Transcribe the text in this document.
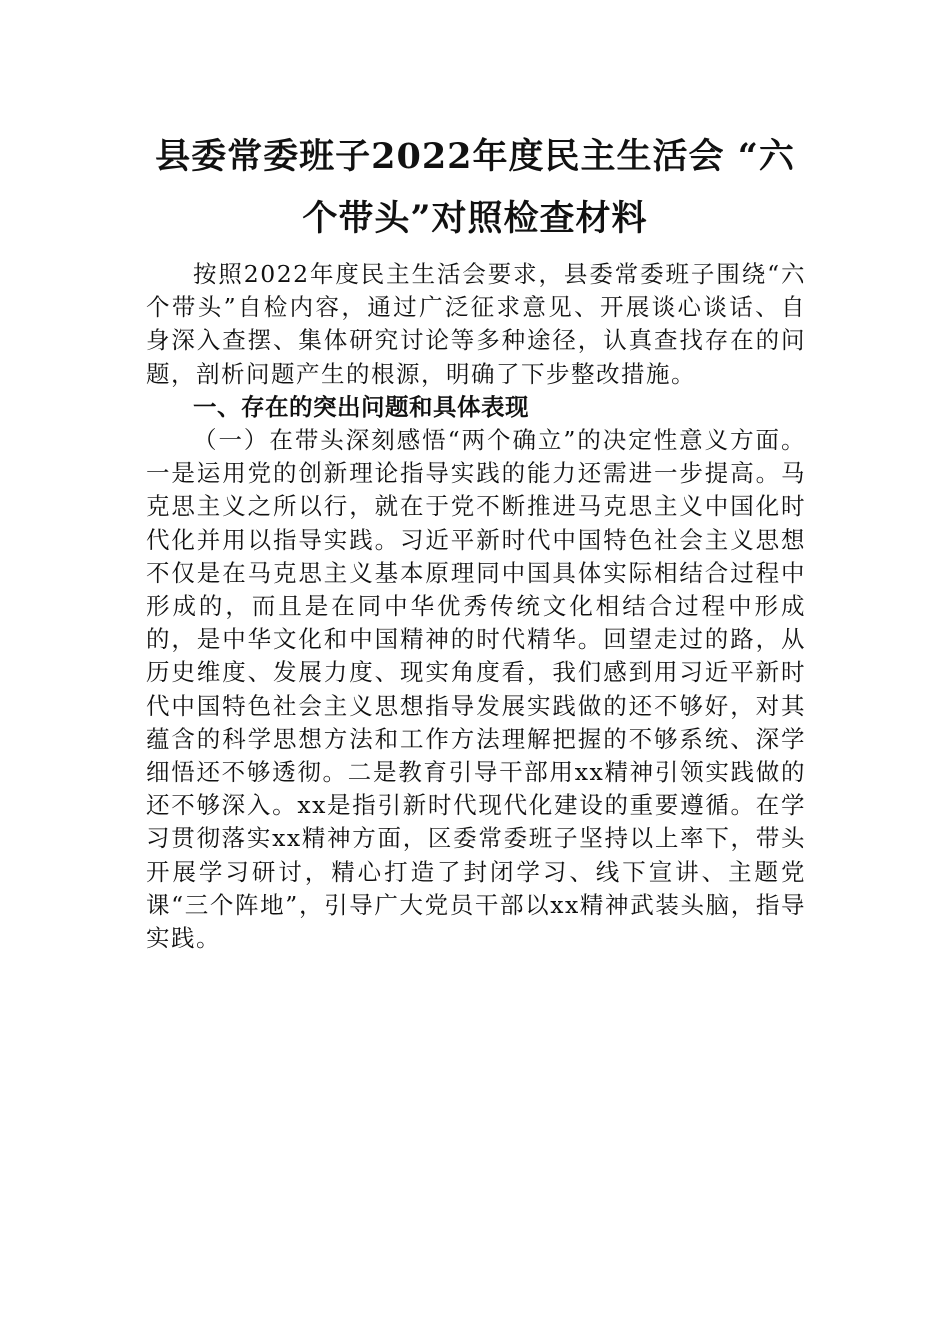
县委常委班子2022年度民主生活会 “六个带头”对照检查材料

按照2022年度民主生活会要求，县委常委班子围绕“六个带头”自检内容，通过广泛征求意见、开展谈心谈话、自身深入查摆、集体研究讨论等多种途径，认真查找存在的问题，剖析问题产生的根源，明确了下步整改措施。

一、存在的突出问题和具体表现

（一）在带头深刻感悟“两个确立”的决定性意义方面。一是运用党的创新理论指导实践的能力还需进一步提高。马克思主义之所以行，就在于党不断推进马克思主义中国化时代化并用以指导实践。习近平新时代中国特色社会主义思想不仅是在马克思主义基本原理同中国具体实际相结合过程中形成的，而且是在同中华优秀传统文化相结合过程中形成的，是中华文化和中国精神的时代精华。回望走过的路，从历史维度、发展力度、现实角度看，我们感到用习近平新时代中国特色社会主义思想指导发展实践做的还不够好，对其蕴含的科学思想方法和工作方法理解把握的不够系统、深学细悟还不够透彻。二是教育引导干部用xx精神引领实践做的还不够深入。xx是指引新时代现代化建设的重要遵循。在学习贯彻落实xx精神方面，区委常委班子坚持以上率下，带头开展学习研讨，精心打造了封闭学习、线下宣讲、主题党课“三个阵地”，引导广大党员干部以xx精神武装头脑，指导实践。
